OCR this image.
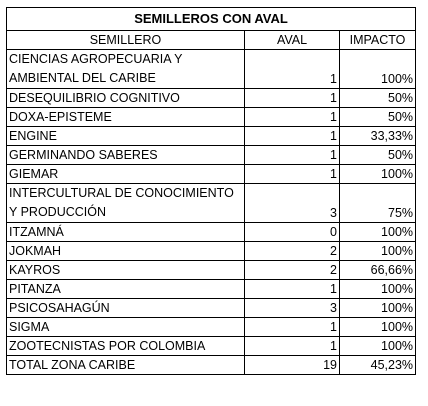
SEMILLEROS CON AVAL		
SEMILLERO	AVAL	IMPACTO
CIENCIAS AGROPECUARIA Y AMBIENTAL DEL CARIBE	1	100%
DESEQUILIBRIO COGNITIVO	1	50%
DOXA-EPISTEME	1	50%
ENGINE	1	33,33%
GERMINANDO SABERES	1	50%
GIEMAR	1	100%
INTERCULTURAL DE CONOCIMIENTO Y PRODUCCIÓN	3	75%
ITZAMNÁ	0	100%
JOKMAH	2	100%
KAYROS	2	66,66%
PITANZA	1	100%
PSICOSAHAGÚN	3	100%
SIGMA	1	100%
ZOOTECNISTAS POR COLOMBIA	1	100%
TOTAL ZONA CARIBE	19	45,23%
